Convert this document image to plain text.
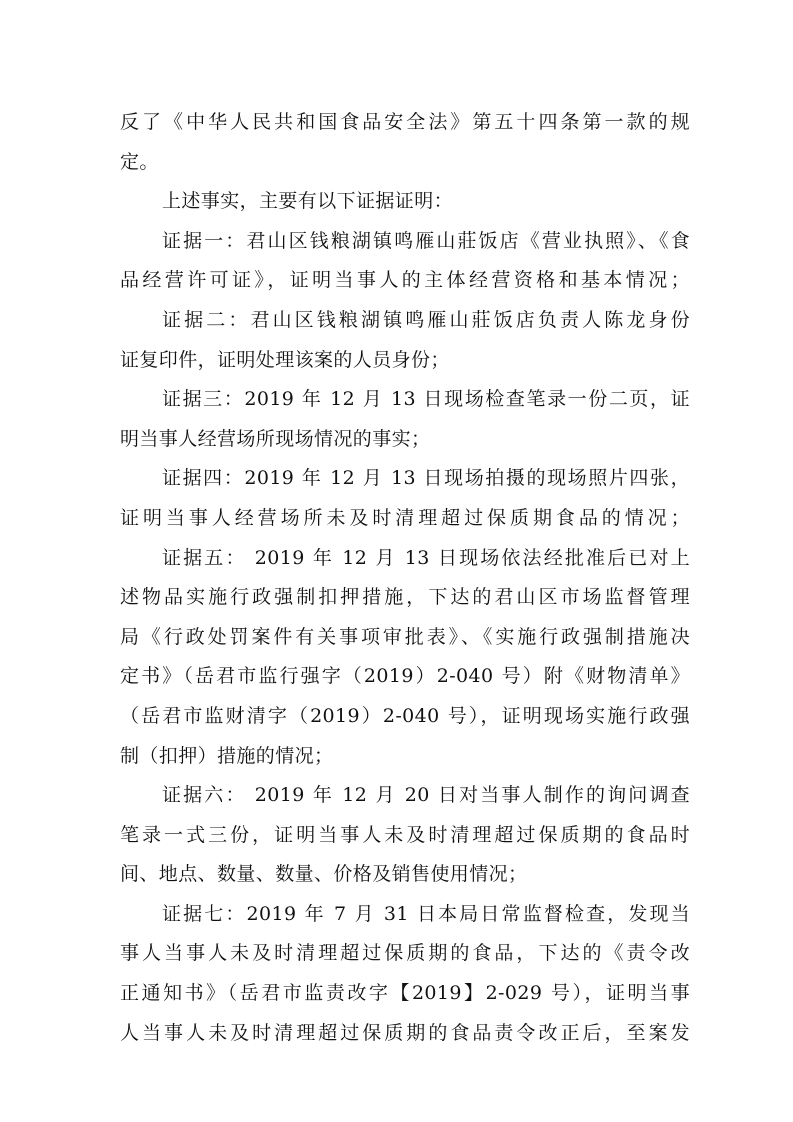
反了《中华人民共和国食品安全法》第五十四条第一款的规
定。
上述事实，主要有以下证据证明：
证据一：君山区钱粮湖镇鸣雁山莊饭店《营业执照》、《食
品经营许可证》，证明当事人的主体经营资格和基本情况；
证据二：君山区钱粮湖镇鸣雁山莊饭店负责人陈龙身份
证复印件，证明处理该案的人员身份；
证据三：2019 年 12 月 13 日现场检查笔录一份二页，证
明当事人经营场所现场情况的事实；
证据四：2019 年 12 月 13 日现场拍摄的现场照片四张，
证明当事人经营场所未及时清理超过保质期食品的情况；
证据五： 2019 年 12 月 13 日现场依法经批准后已对上
述物品实施行政强制扣押措施，下达的君山区市场监督管理
局《行政处罚案件有关事项审批表》、《实施行政强制措施决
定书》（岳君市监行强字（2019）2-040 号）附《财物清单》
（岳君市监财清字（2019）2-040 号），证明现场实施行政强
制（扣押）措施的情况；
证据六： 2019 年 12 月 20 日对当事人制作的询问调查
笔录一式三份，证明当事人未及时清理超过保质期的食品时
间、地点、数量、数量、价格及销售使用情况；
证据七：2019 年 7 月 31 日本局日常监督检查，发现当
事人当事人未及时清理超过保质期的食品，下达的《责令改
正通知书》（岳君市监责改字【2019】2-029 号），证明当事
人当事人未及时清理超过保质期的食品责令改正后，至案发
